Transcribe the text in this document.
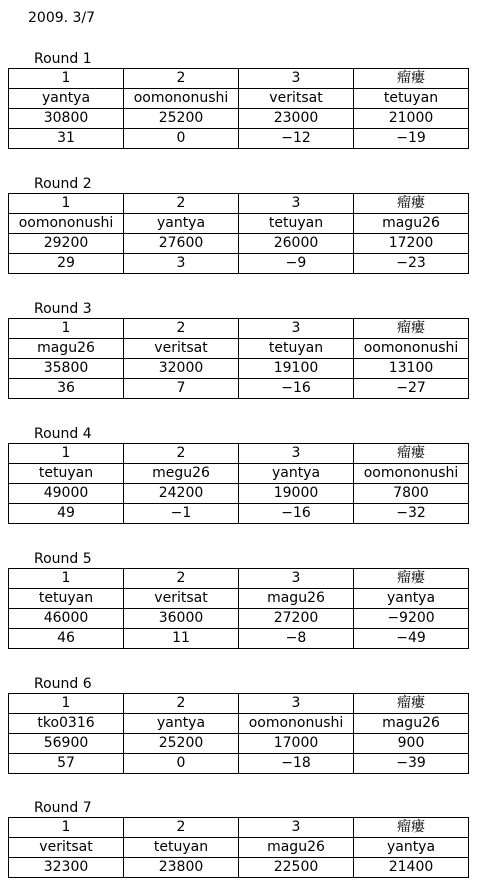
2009. 3/7
Round 1
1	2	3	瘤瘻
yantya	oomononushi	veritsat	tetuyan
30800	25200	23000	21000
31	0	−12	−19
Round 2
1	2	3	瘤瘻
oomononushi	yantya	tetuyan	magu26
29200	27600	26000	17200
29	3	−9	−23
Round 3
1	2	3	瘤瘻
magu26	veritsat	tetuyan	oomononushi
35800	32000	19100	13100
36	7	−16	−27
Round 4
1	2	3	瘤瘻
tetuyan	megu26	yantya	oomononushi
49000	24200	19000	7800
49	−1	−16	−32
Round 5
1	2	3	瘤瘻
tetuyan	veritsat	magu26	yantya
46000	36000	27200	−9200
46	11	−8	−49
Round 6
1	2	3	瘤瘻
tko0316	yantya	oomononushi	magu26
56900	25200	17000	900
57	0	−18	−39
Round 7
1	2	3	瘤瘻
veritsat	tetuyan	magu26	yantya
32300	23800	22500	21400
